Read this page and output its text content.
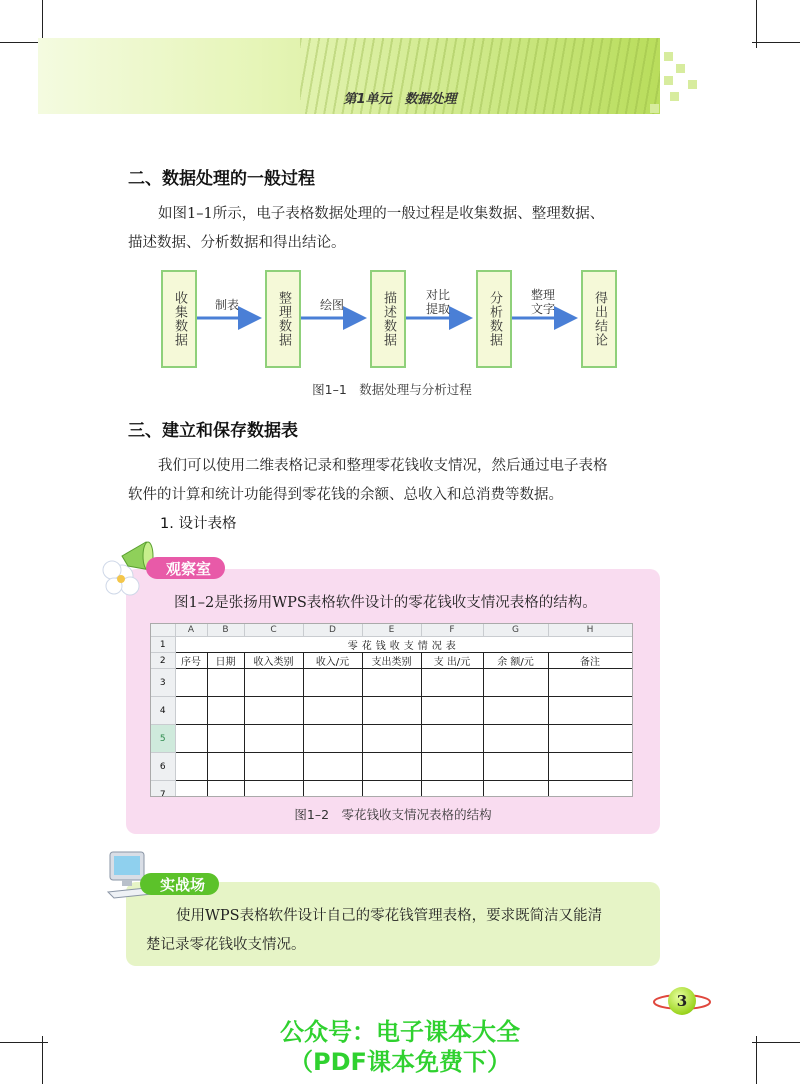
第1单元　数据处理
二、数据处理的一般过程
如图1–1所示，电子表格数据处理的一般过程是收集数据、整理数据、
描述数据、分析数据和得出结论。
收集数据	整理数据	描述数据	分析数据	得出结论
制表	绘图
对比
提取
整理
文字
图1–1　数据处理与分析过程
三、建立和保存数据表
我们可以使用二维表格记录和整理零花钱收支情况，然后通过电子表格
软件的计算和统计功能得到零花钱的余额、总收入和总消费等数据。
1. 设计表格
观察室
图1–2是张扬用WPS表格软件设计的零花钱收支情况表格的结构。
	A	B	C	D	E	F	G	H
1	零花钱收支情况表							
2	序号	日期	收入类别	收入/元	支出类别	支 出/元	余 额/元	备注
3								
4								
5								
6								
7								
图1–2　零花钱收支情况表格的结构
实战场
使用WPS表格软件设计自己的零花钱管理表格，要求既简洁又能清
楚记录零花钱收支情况。
3
公众号：电子课本大全
（PDF课本免费下）
